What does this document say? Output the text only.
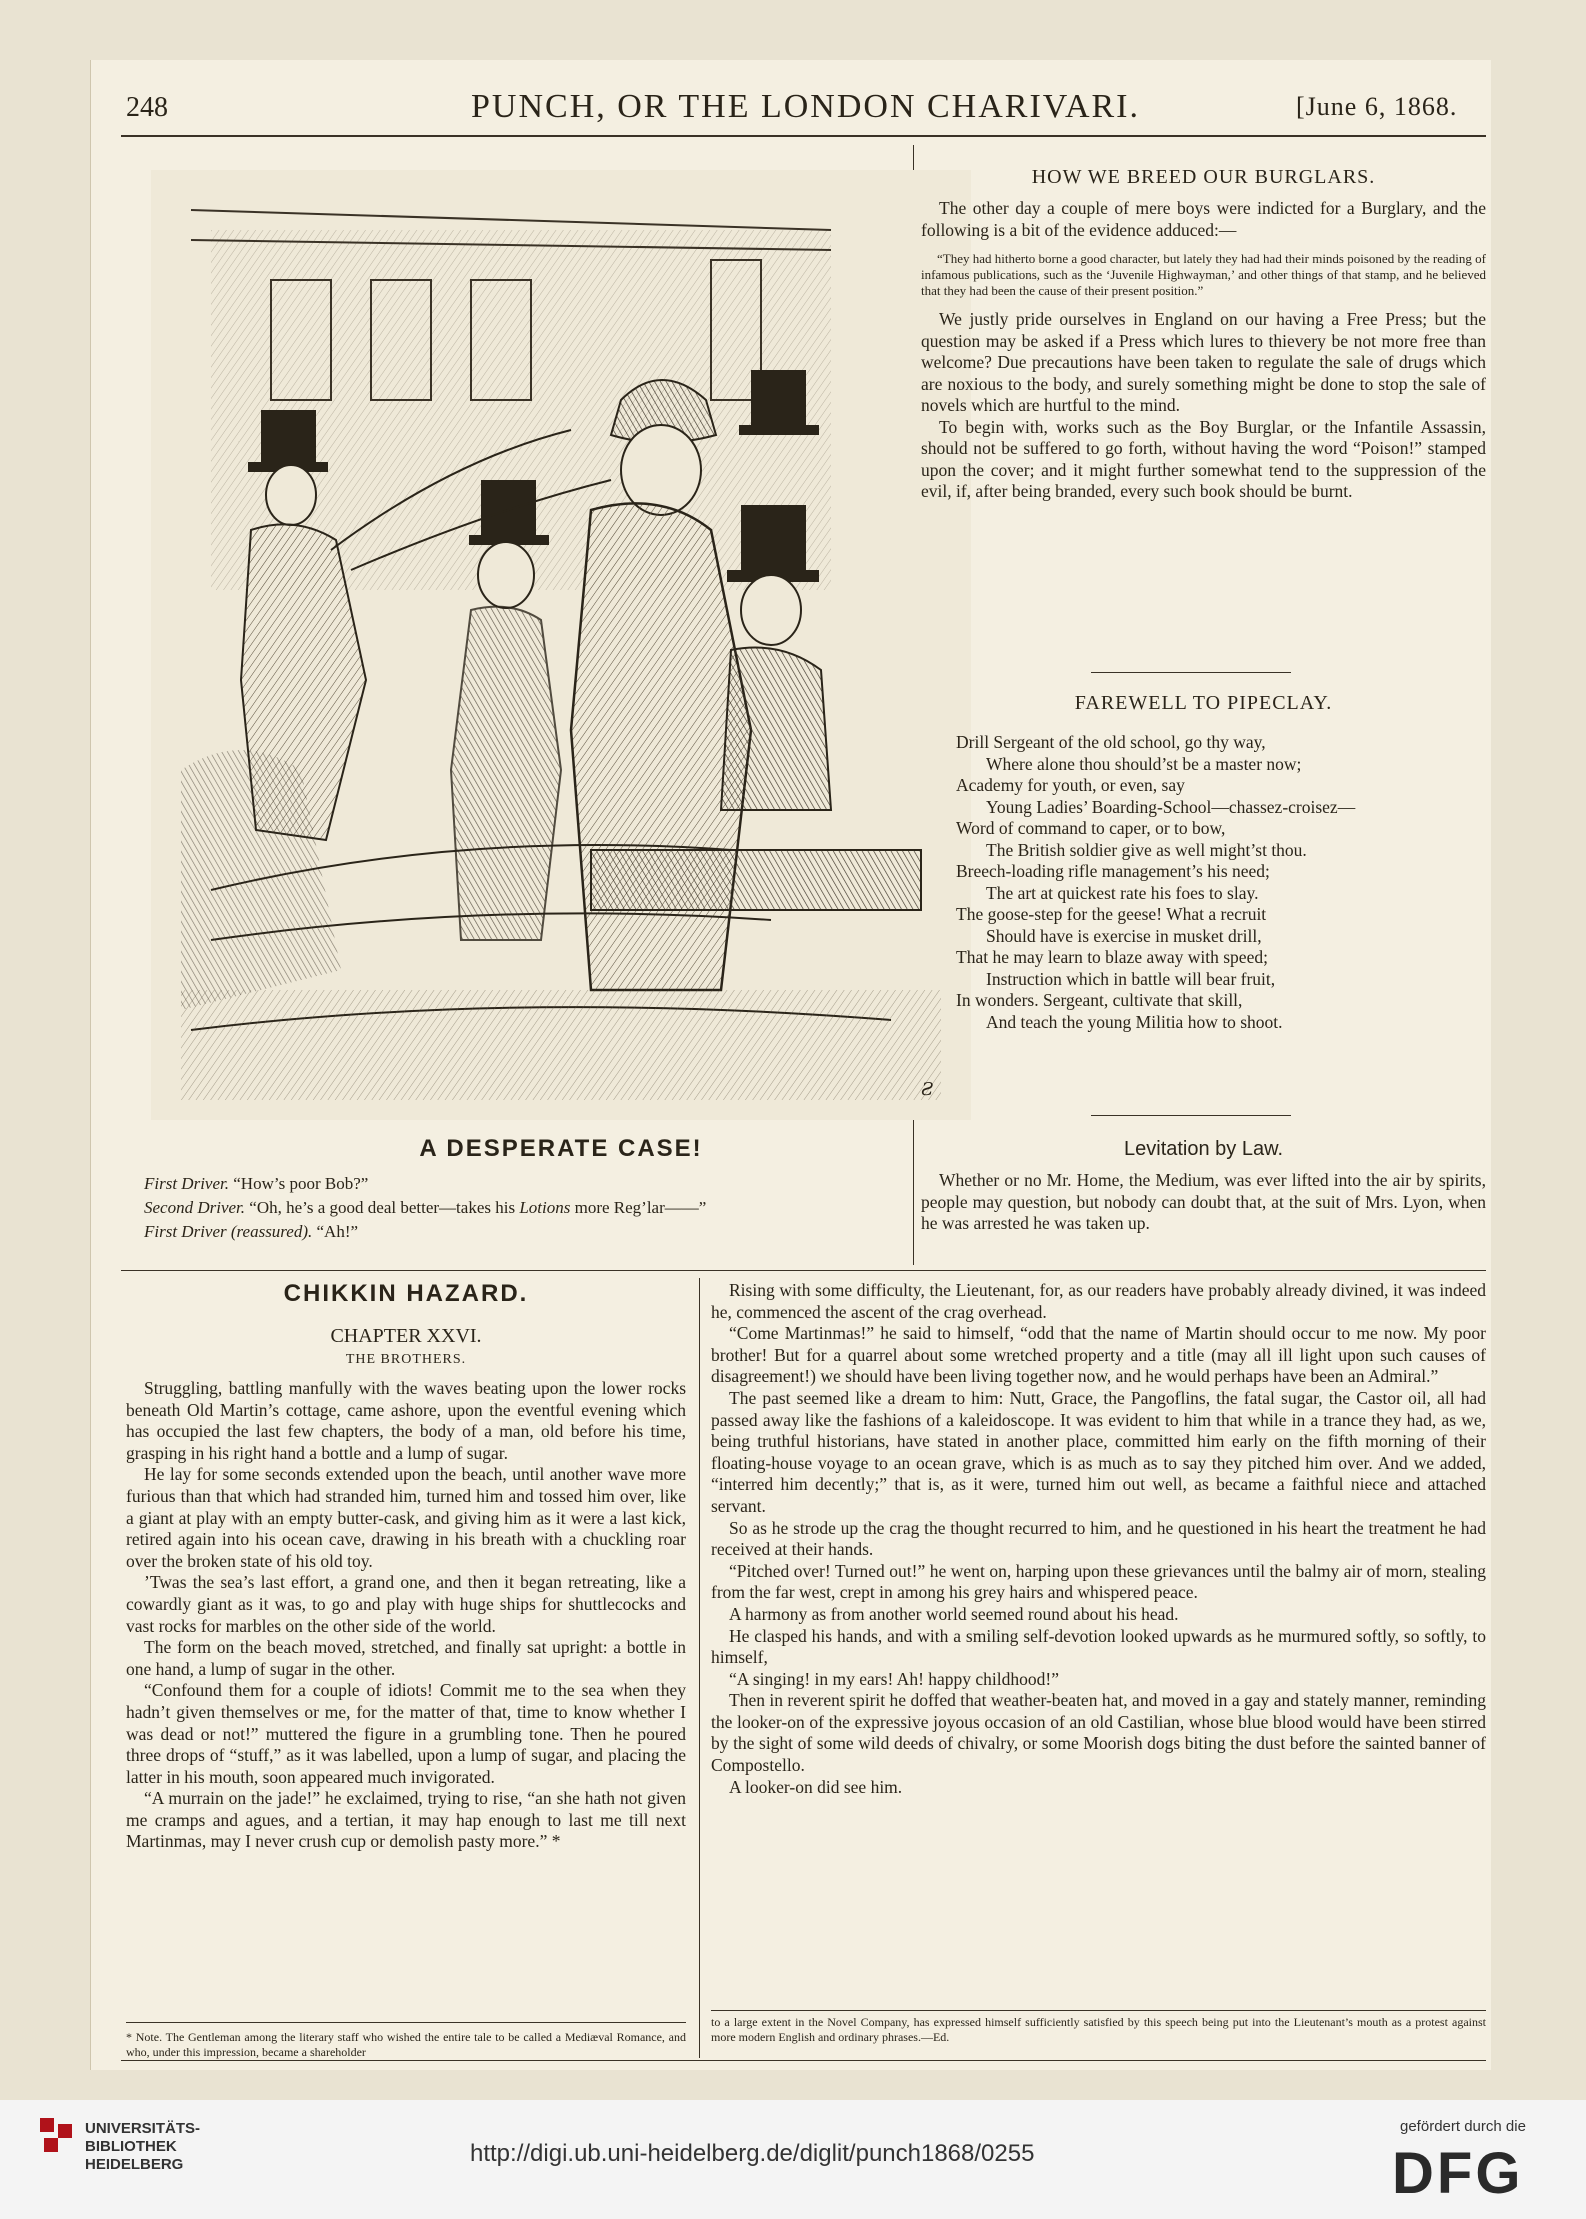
248	PUNCH, OR THE LONDON CHARIVARI.	[June 6, 1868.
Ƨ
A DESPERATE CASE!

First Driver. “How’s poor Bob?”

Second Driver. “Oh, he’s a good deal better—takes his Lotions more Reg’lar——”

First Driver (reassured). “Ah!”

HOW WE BREED OUR BURGLARS.

The other day a couple of mere boys were indicted for a Burglary, and the following is a bit of the evidence adduced:—

“They had hitherto borne a good character, but lately they had had their minds poisoned by the reading of infamous publications, such as the ‘Juvenile Highwayman,’ and other things of that stamp, and he believed that they had been the cause of their present position.”

We justly pride ourselves in England on our having a Free Press; but the question may be asked if a Press which lures to thievery be not more free than welcome? Due precautions have been taken to regulate the sale of drugs which are noxious to the body, and surely something might be done to stop the sale of novels which are hurtful to the mind.

To begin with, works such as the Boy Burglar, or the Infantile Assassin, should not be suffered to go forth, without having the word “Poison!” stamped upon the cover; and it might further somewhat tend to the suppression of the evil, if, after being branded, every such book should be burnt.

FAREWELL TO PIPECLAY.
Drill Sergeant of the old school, go thy way,
Where alone thou should’st be a master now;
Academy for youth, or even, say
Young Ladies’ Boarding-School—chassez-croisez—
Word of command to caper, or to bow,
The British soldier give as well might’st thou.
Breech-loading rifle management’s his need;
The art at quickest rate his foes to slay.
The goose-step for the geese! What a recruit
Should have is exercise in musket drill,
That he may learn to blaze away with speed;
Instruction which in battle will bear fruit,
In wonders. Sergeant, cultivate that skill,
And teach the young Militia how to shoot.
Levitation by Law.

Whether or no Mr. Home, the Medium, was ever lifted into the air by spirits, people may question, but nobody can doubt that, at the suit of Mrs. Lyon, when he was arrested he was taken up.

CHIKKIN HAZARD.
CHAPTER XXVI.
THE BROTHERS.

Struggling, battling manfully with the waves beating upon the lower rocks beneath Old Martin’s cottage, came ashore, upon the eventful evening which has occupied the last few chapters, the body of a man, old before his time, grasping in his right hand a bottle and a lump of sugar.

He lay for some seconds extended upon the beach, until another wave more furious than that which had stranded him, turned him and tossed him over, like a giant at play with an empty butter-cask, and giving him as it were a last kick, retired again into his ocean cave, drawing in his breath with a chuckling roar over the broken state of his old toy.

’Twas the sea’s last effort, a grand one, and then it began retreating, like a cowardly giant as it was, to go and play with huge ships for shuttlecocks and vast rocks for marbles on the other side of the world.

The form on the beach moved, stretched, and finally sat upright: a bottle in one hand, a lump of sugar in the other.

“Confound them for a couple of idiots! Commit me to the sea when they hadn’t given themselves or me, for the matter of that, time to know whether I was dead or not!” muttered the figure in a grumbling tone. Then he poured three drops of “stuff,” as it was labelled, upon a lump of sugar, and placing the latter in his mouth, soon appeared much invigorated.

“A murrain on the jade!” he exclaimed, trying to rise, “an she hath not given me cramps and agues, and a tertian, it may hap enough to last me till next Martinmas, may I never crush cup or demolish pasty more.” *

* Note. The Gentleman among the literary staff who wished the entire tale to be called a Mediæval Romance, and who, under this impression, became a shareholder

Rising with some difficulty, the Lieutenant, for, as our readers have probably already divined, it was indeed he, commenced the ascent of the crag overhead.

“Come Martinmas!” he said to himself, “odd that the name of Martin should occur to me now. My poor brother! But for a quarrel about some wretched property and a title (may all ill light upon such causes of disagreement!) we should have been living together now, and he would perhaps have been an Admiral.”

The past seemed like a dream to him: Nutt, Grace, the Pangoflins, the fatal sugar, the Castor oil, all had passed away like the fashions of a kaleidoscope. It was evident to him that while in a trance they had, as we, being truthful historians, have stated in another place, committed him early on the fifth morning of their floating-house voyage to an ocean grave, which is as much as to say they pitched him over. And we added, “interred him decently;” that is, as it were, turned him out well, as became a faithful niece and attached servant.

So as he strode up the crag the thought recurred to him, and he questioned in his heart the treatment he had received at their hands.

“Pitched over! Turned out!” he went on, harping upon these grievances until the balmy air of morn, stealing from the far west, crept in among his grey hairs and whispered peace.

A harmony as from another world seemed round about his head.

He clasped his hands, and with a smiling self-devotion looked upwards as he murmured softly, so softly, to himself,

“A singing! in my ears! Ah! happy childhood!”

Then in reverent spirit he doffed that weather-beaten hat, and moved in a gay and stately manner, reminding the looker-on of the expressive joyous occasion of an old Castilian, whose blue blood would have been stirred by the sight of some wild deeds of chivalry, or some Moorish dogs biting the dust before the sainted banner of Compostello.

A looker-on did see him.

to a large extent in the Novel Company, has expressed himself sufficiently satisfied by this speech being put into the Lieutenant’s mouth as a protest against more modern English and ordinary phrases.—Ed.
UNIVERSITÄTS-
BIBLIOTHEK
HEIDELBERG	http://digi.ub.uni-heidelberg.de/diglit/punch1868/0255
gefördert durch die
DFG
